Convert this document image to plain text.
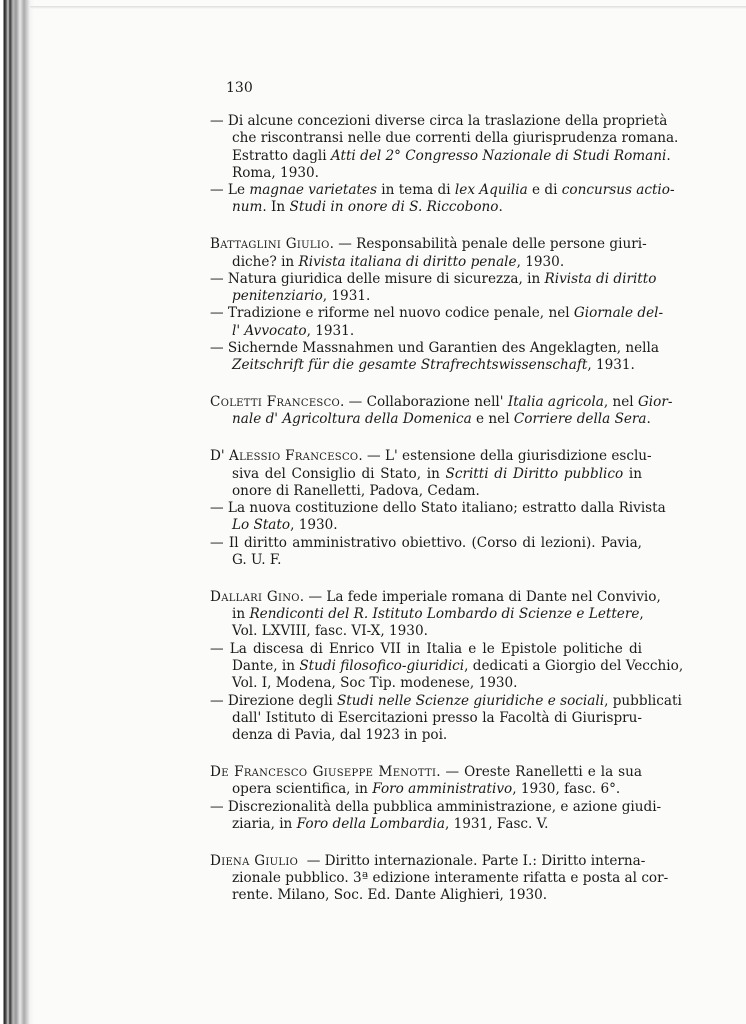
130
— Di alcune concezioni diverse circa la traslazione della proprietà
che riscontransi nelle due correnti della giurisprudenza romana.
Estratto dagli Atti del 2° Congresso Nazionale di Studi Romani.
Roma, 1930.
— Le magnae varietates in tema di lex Aquilia e di concursus actio-
num. In Studi in onore di S. Riccobono.
Battaglini Giulio. — Responsabilità penale delle persone giuri-
diche? in Rivista italiana di diritto penale, 1930.
— Natura giuridica delle misure di sicurezza, in Rivista di diritto
penitenziario, 1931.
— Tradizione e riforme nel nuovo codice penale, nel Giornale del-
l' Avvocato, 1931.
— Sichernde Massnahmen und Garantien des Angeklagten, nella
Zeitschrift für die gesamte Strafrechtswissenschaft, 1931.
Coletti Francesco. — Collaborazione nell' Italia agricola, nel Gior-
nale d' Agricoltura della Domenica e nel Corriere della Sera.
D' Alessio Francesco. — L' estensione della giurisdizione esclu-
siva del Consiglio di Stato, in Scritti di Diritto pubblico in
onore di Ranelletti, Padova, Cedam.
— La nuova costituzione dello Stato italiano; estratto dalla Rivista
Lo Stato, 1930.
— Il diritto amministrativo obiettivo. (Corso di lezioni). Pavia,
G. U. F.
Dallari Gino. — La fede imperiale romana di Dante nel Convivio,
in Rendiconti del R. Istituto Lombardo di Scienze e Lettere,
Vol. LXVIII, fasc. VI-X, 1930.
— La discesa di Enrico VII in Italia e le Epistole politiche di
Dante, in Studi filosofico-giuridici, dedicati a Giorgio del Vecchio,
Vol. I, Modena, Soc Tip. modenese, 1930.
— Direzione degli Studi nelle Scienze giuridiche e sociali, pubblicati
dall' Istituto di Esercitazioni presso la Facoltà di Giurispru-
denza di Pavia, dal 1923 in poi.
De Francesco Giuseppe Menotti. — Oreste Ranelletti e la sua
opera scientifica, in Foro amministrativo, 1930, fasc. 6°.
— Discrezionalità della pubblica amministrazione, e azione giudi-
ziaria, in Foro della Lombardia, 1931, Fasc. V.
Diena Giulio  — Diritto internazionale. Parte I.: Diritto interna-
zionale pubblico. 3ª edizione interamente rifatta e posta al cor-
rente. Milano, Soc. Ed. Dante Alighieri, 1930.
